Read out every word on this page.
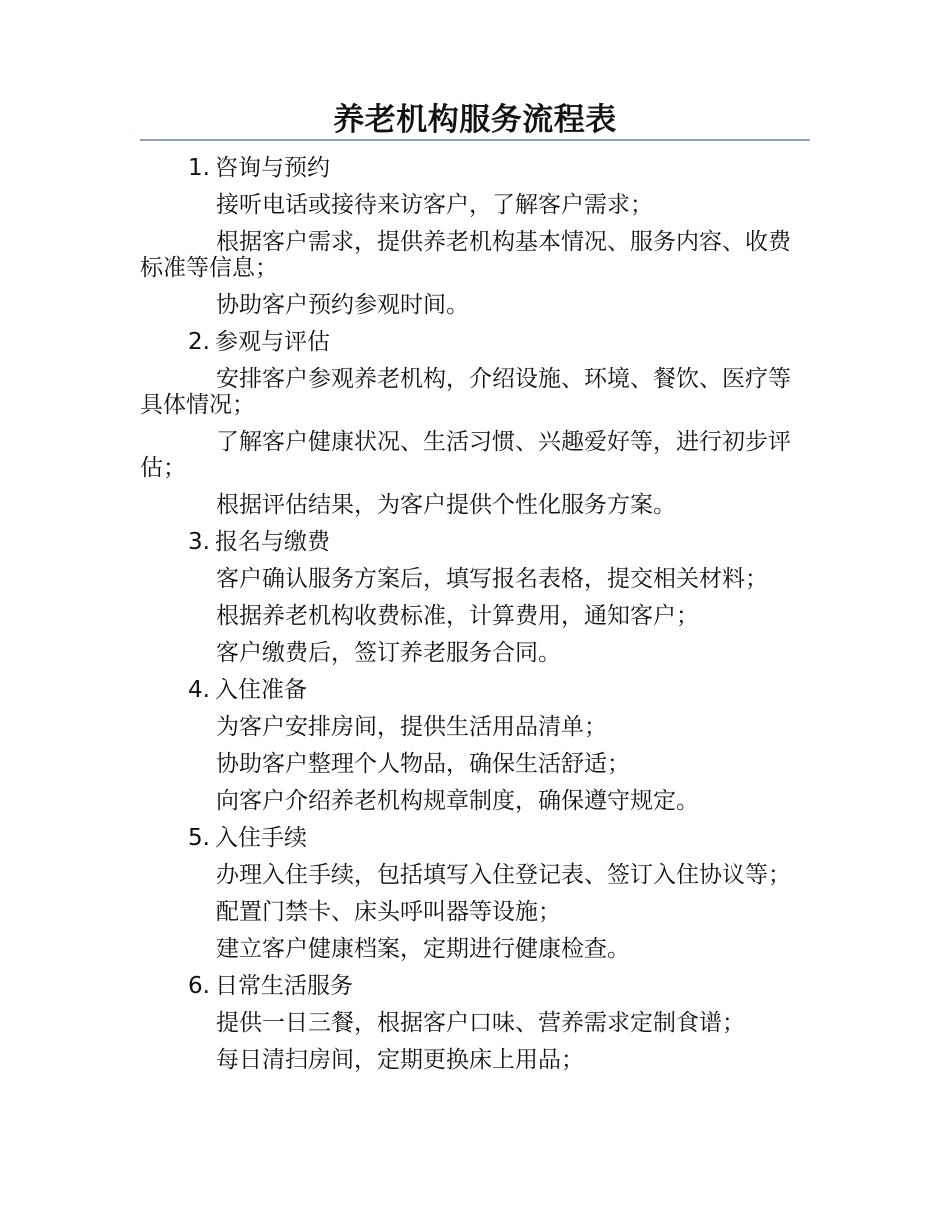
养老机构服务流程表
1. 咨询与预约

接听电话或接待来访客户，了解客户需求；

根据客户需求，提供养老机构基本情况、服务内容、收费标准等信息；

协助客户预约参观时间。

2. 参观与评估

安排客户参观养老机构，介绍设施、环境、餐饮、医疗等具体情况；

了解客户健康状况、生活习惯、兴趣爱好等，进行初步评估；

根据评估结果，为客户提供个性化服务方案。

3. 报名与缴费

客户确认服务方案后，填写报名表格，提交相关材料；

根据养老机构收费标准，计算费用，通知客户；

客户缴费后，签订养老服务合同。

4. 入住准备

为客户安排房间，提供生活用品清单；

协助客户整理个人物品，确保生活舒适；

向客户介绍养老机构规章制度，确保遵守规定。

5. 入住手续

办理入住手续，包括填写入住登记表、签订入住协议等；

配置门禁卡、床头呼叫器等设施；

建立客户健康档案，定期进行健康检查。

6. 日常生活服务

提供一日三餐，根据客户口味、营养需求定制食谱；

每日清扫房间，定期更换床上用品；
